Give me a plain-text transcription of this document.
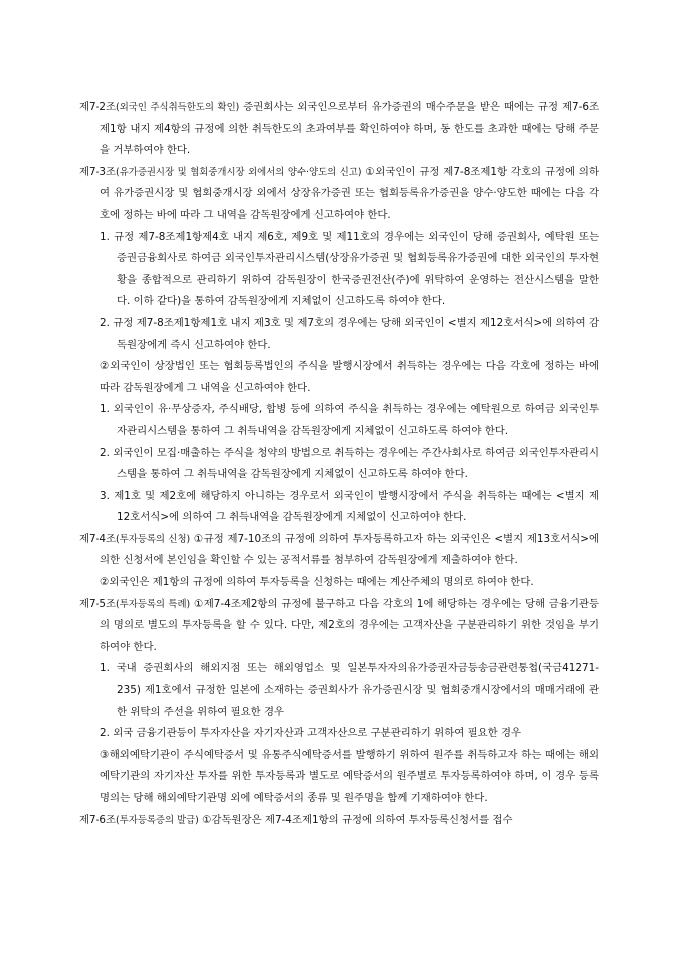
제7-2조(외국인 주식취득한도의 확인) 증권회사는 외국인으로부터 유가증권의 매수주문을 받은 때에는 규정 제7-6조제1항 내지 제4항의 규정에 의한 취득한도의 초과여부를 확인하여야 하며, 동 한도를 초과한 때에는 당해 주문을 거부하여야 한다.

제7-3조(유가증권시장 및 협회중개시장 외에서의 양수·양도의 신고) ①외국인이 규정 제7-8조제1항 각호의 규정에 의하여 유가증권시장 및 협회중개시장 외에서 상장유가증권 또는 협회등록유가증권을 양수·양도한 때에는 다음 각호에 정하는 바에 따라 그 내역을 감독원장에게 신고하여야 한다.

1. 규정 제7-8조제1항제4호 내지 제6호, 제9호 및 제11호의 경우에는 외국인이 당해 증권회사, 예탁원 또는 증권금융회사로 하여금 외국인투자관리시스템(상장유가증권 및 협회등록유가증권에 대한 외국인의 투자현황을 종합적으로 관리하기 위하여 감독원장이 한국증권전산(주)에 위탁하여 운영하는 전산시스템을 말한다. 이하 같다)을 통하여 감독원장에게 지체없이 신고하도록 하여야 한다.

2. 규정 제7-8조제1항제1호 내지 제3호 및 제7호의 경우에는 당해 외국인이 <별지 제12호서식>에 의하여 감독원장에게 즉시 신고하여야 한다.

②외국인이 상장법인 또는 협회등록법인의 주식을 발행시장에서 취득하는 경우에는 다음 각호에 정하는 바에 따라 감독원장에게 그 내역을 신고하여야 한다.

1. 외국인이 유·무상증자, 주식배당, 합병 등에 의하여 주식을 취득하는 경우에는 예탁원으로 하여금 외국인투자관리시스템을 통하여 그 취득내역을 감독원장에게 지체없이 신고하도록 하여야 한다.

2. 외국인이 모집·매출하는 주식을 청약의 방법으로 취득하는 경우에는 주간사회사로 하여금 외국인투자관리시스템을 통하여 그 취득내역을 감독원장에게 지체없이 신고하도록 하여야 한다.

3. 제1호 및 제2호에 해당하지 아니하는 경우로서 외국인이 발행시장에서 주식을 취득하는 때에는 <별지 제12호서식>에 의하여 그 취득내역을 감독원장에게 지체없이 신고하여야 한다.

제7-4조(투자등록의 신청) ①규정 제7-10조의 규정에 의하여 투자등록하고자 하는 외국인은 <별지 제13호서식>에 의한 신청서에 본인임을 확인할 수 있는 공적서류를 첨부하여 감독원장에게 제출하여야 한다.

②외국인은 제1항의 규정에 의하여 투자등록을 신청하는 때에는 계산주체의 명의로 하여야 한다.

제7-5조(투자등록의 특례) ①제7-4조제2항의 규정에 불구하고 다음 각호의 1에 해당하는 경우에는 당해 금융기관등의 명의로 별도의 투자등록을 할 수 있다. 다만, 제2호의 경우에는 고객자산을 구분관리하기 위한 것임을 부기하여야 한다.

1. 국내 증권회사의 해외지점 또는 해외영업소 및 일본투자자의유가증권자금등송금관련통첩(국금41271-235) 제1호에서 규정한 일본에 소재하는 증권회사가 유가증권시장 및 협회중개시장에서의 매매거래에 관한 위탁의 주선을 위하여 필요한 경우

2. 외국 금융기관등이 투자자산을 자기자산과 고객자산으로 구분관리하기 위하여 필요한 경우

③해외예탁기관이 주식예탁증서 및 유통주식예탁증서를 발행하기 위하여 원주를 취득하고자 하는 때에는 해외예탁기관의 자기자산 투자를 위한 투자등록과 별도로 예탁증서의 원주별로 투자등록하여야 하며, 이 경우 등록명의는 당해 해외예탁기관명 외에 예탁증서의 종류 및 원주명을 함께 기재하여야 한다.

제7-6조(투자등록증의 발급) ①감독원장은 제7-4조제1항의 규정에 의하여 투자등록신청서를 접수
